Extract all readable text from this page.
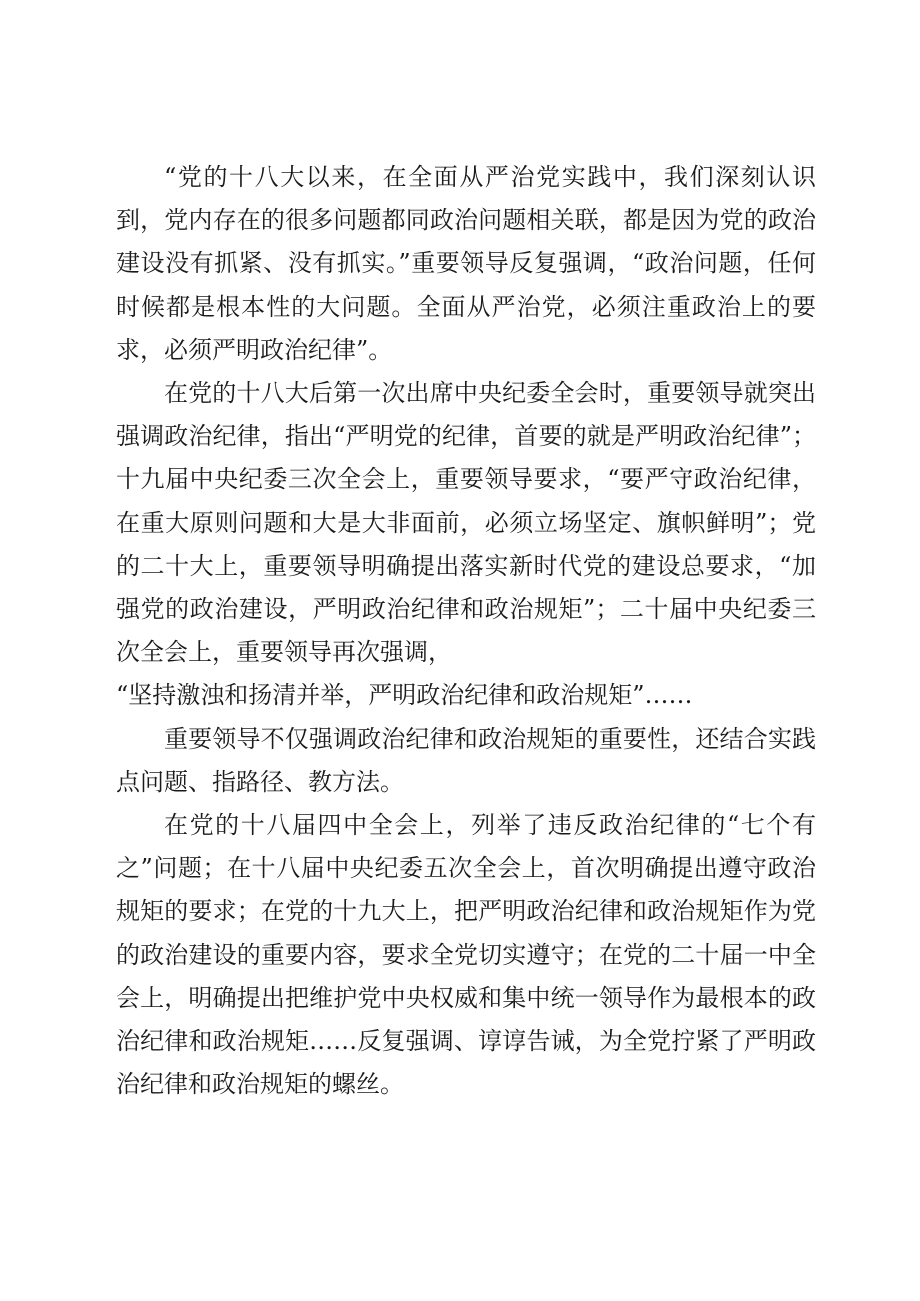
“党的十八大以来，在全面从严治党实践中，我们深刻认识到，党内存在的很多问题都同政治问题相关联，都是因为党的政治建设没有抓紧、没有抓实。”重要领导反复强调，“政治问题，任何时候都是根本性的大问题。全面从严治党，必须注重政治上的要求，必须严明政治纪律”。

在党的十八大后第一次出席中央纪委全会时，重要领导就突出强调政治纪律，指出“严明党的纪律，首要的就是严明政治纪律”；十九届中央纪委三次全会上，重要领导要求，“要严守政治纪律，在重大原则问题和大是大非面前，必须立场坚定、旗帜鲜明”；党的二十大上，重要领导明确提出落实新时代党的建设总要求，“加强党的政治建设，严明政治纪律和政治规矩”；二十届中央纪委三次全会上，重要领导再次强调，

“坚持激浊和扬清并举，严明政治纪律和政治规矩”……

重要领导不仅强调政治纪律和政治规矩的重要性，还结合实践点问题、指路径、教方法。

在党的十八届四中全会上，列举了违反政治纪律的“七个有之”问题；在十八届中央纪委五次全会上，首次明确提出遵守政治规矩的要求；在党的十九大上，把严明政治纪律和政治规矩作为党的政治建设的重要内容，要求全党切实遵守；在党的二十届一中全会上，明确提出把维护党中央权威和集中统一领导作为最根本的政治纪律和政治规矩……反复强调、谆谆告诫，为全党拧紧了严明政治纪律和政治规矩的螺丝。
